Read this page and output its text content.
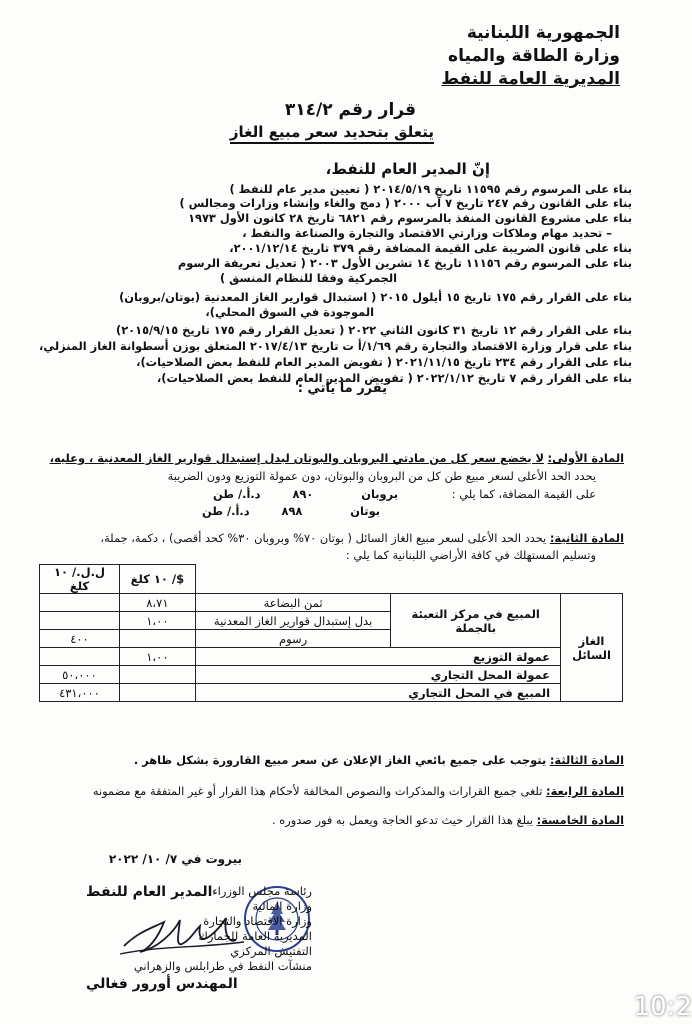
الجمهورية اللبنانية
وزارة الطاقة والمياه
المديرية العامة للنفط
قرار رقم ٣١٤/٢
يتعلق بتحديد سعر مبيع الغاز
إنّ المدير العام للنفط،
بناء على المرسوم رقم ١١٥٩٥ تاريخ ٢٠١٤/٥/١٩ ( تعيين مدير عام للنفط )
بناء على القانون رقم ٢٤٧ تاريخ ٧ آب ٢٠٠٠ ( دمج والغاء وإنشاء وزارات ومجالس )
بناء على مشروع القانون المنفذ بالمرسوم رقم ٦٨٢١ تاريخ ٢٨ كانون الأول ١٩٧٣
– تحديد مهام وملاكات وزارتي الاقتصاد والتجارة والصناعة والنفط ،
بناء على قانون الضريبة على القيمة المضافة رقم ٣٧٩ تاريخ ٢٠٠١/١٢/١٤،
بناء على المرسوم رقم ١١١٥٦ تاريخ ١٤ تشرين الأول ٢٠٠٣ ( تعديل تعريفة الرسوم
الجمركية وفقا للنظام المنسق )
بناء على القرار رقم ١٧٥ تاريخ ١٥ أيلول ٢٠١٥ ( استبدال قوارير الغاز المعدنية (بوتان/بروبان)
الموجودة في السوق المحلي)،
بناء على القرار رقم ١٢ تاريخ ٣١ كانون الثاني ٢٠٢٢ ( تعديل القرار رقم ١٧٥ تاريخ ٢٠١٥/٩/١٥)
بناء على قرار وزارة الاقتصاد والتجارة رقم ١/٦٩/أ ت تاريخ ٢٠١٧/٤/١٣ المتعلق بوزن أسطوانة الغاز المنزلي،
بناء على القرار رقم ٢٣٤ تاريخ ٢٠٢١/١١/١٥ ( تفويض المدير العام للنفط بعض الصلاحيات)،
بناء على القرار رقم ٧ تاريخ ٢٠٢٢/١/١٢ ( تفويض المدير العام للنفط بعض الصلاحيات)،
يقرر ما يأتي :
المادة الأولى: لا يخضع سعر كل من مادتي البروبان والبوتان لبدل إستبدال قوارير الغاز المعدنية ، وعليه،
يحدد الحد الأعلى لسعر مبيع طن كل من البروبان والبوتان، دون عمولة التوزيع ودون الضريبة
على القيمة المضافة، كما يلي :
بروبان  ٨٩٠  د.أ./ طن
بوتان  ٨٩٨  د.أ./ طن
المادة الثانية: يحدد الحد الأعلى لسعر مبيع الغاز السائل ( بوتان ٧٠% وبروبان ٣٠% كحد أقصى) ، دكمة، جملة،
وتسليم المستهلك في كافة الأراضي اللبنانية كما يلي :
			$/ ١٠ كلغ	ل.ل./ ١٠ كلغ
الغاز السائل	المبيع في مركز التعبئة بالجملة	ثمن البضاعة	٨،٧١	
		بدل إستبدال قوارير الغاز المعدنية	١،٠٠	
		رسوم		٤٠٠
	عمولة التوزيع		١،٠٠	
	عمولة المحل التجاري			٥٠،٠٠٠
	المبيع في المحل التجاري			٤٣١،٠٠٠
المادة الثالثة: يتوجب على جميع بائعي الغاز الإعلان عن سعر مبيع القارورة بشكل ظاهر .
المادة الرابعة: تلغى جميع القرارات والمذكرات والنصوص المخالفة لأحكام هذا القرار أو غير المتفقة مع مضمونه
المادة الخامسة: يبلغ هذا القرار حيث تدعو الحاجة ويعمل به فور صدوره .
بيروت في ٧/ ١٠/ ٢٠٢٢
المدير العام للنفط
المهندس أورور فغالي
رئاسة مجلس الوزراء
وزارة المالية
وزارة الاقتصاد والتجارة
المديرية العامة للجمارك
التفتيش المركزي
منشآت النفط في طرابلس والزهراني
10:2
